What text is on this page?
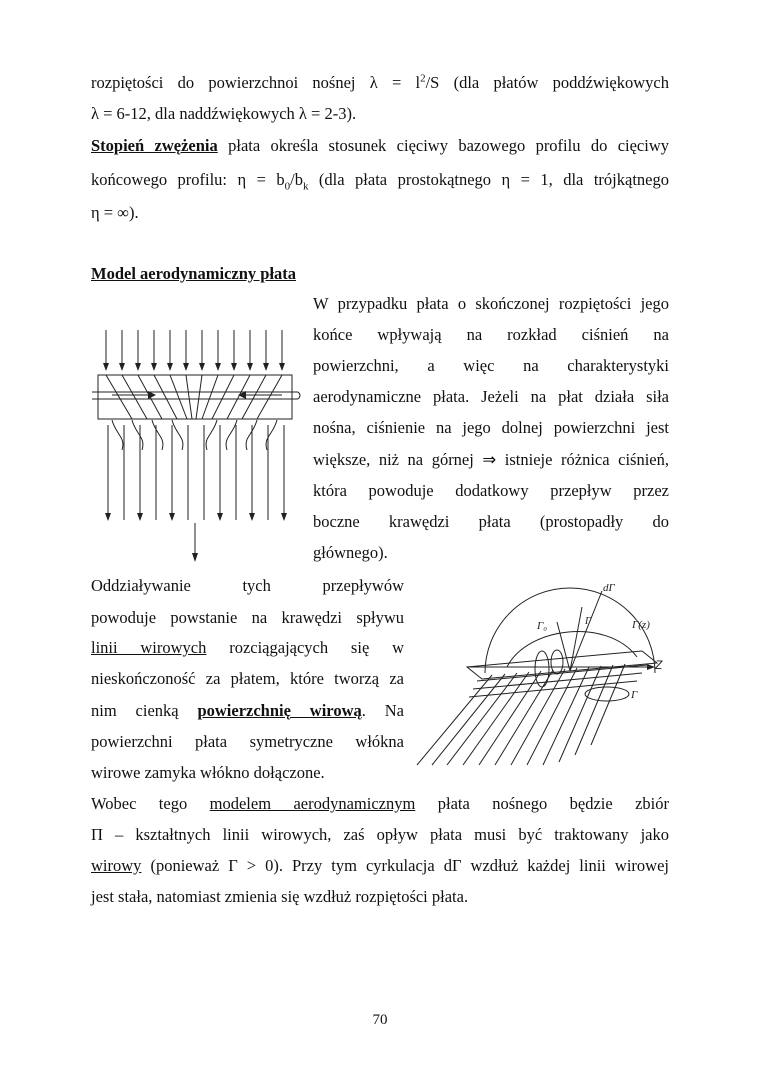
rozpiętości do powierzchnoi nośnej $\lambda = l^2/S$ (dla płatów poddźwiękowych
λ = 6-12, dla naddźwiękowych λ = 2-3).
Stopień zwężenia płata określa stosunek cięciwy bazowego profilu do cięciwy
końcowego profilu: $\eta = b_0/b_k$ (dla płata prostokątnego η = 1, dla trójkątnego
η = ∞).
Model aerodynamiczny płata
W przypadku płata o skończonej rozpiętości jego
końce wpływają na rozkład ciśnień na
powierzchni, a więc na charakterystyki
aerodynamiczne płata. Jeżeli na płat działa siła
nośna, ciśnienie na jego dolnej powierzchni jest
większe, niż na górnej ⇒ istnieje różnica ciśnień,
która powoduje dodatkowy przepływ przez
boczne krawędzi płata (prostopadły do
głównego).
Oddziaływanie tych przepływów
powoduje powstanie na krawędzi spływu
linii wirowych rozciągających się w
nieskończoność za płatem, które tworzą za
nim cienką powierzchnię wirową. Na
powierzchni płata symetryczne włókna
wirowe zamyka włókno dołączone.
dΓ
Γ₀	Γ(z)
Γ
Z
Γ
Wobec tego modelem aerodynamicznym płata nośnego będzie zbiór
Π – kształtnych linii wirowych, zaś opływ płata musi być traktowany jako
wirowy (ponieważ Γ > 0). Przy tym cyrkulacja dΓ wzdłuż każdej linii wirowej
jest stała, natomiast zmienia się wzdłuż rozpiętości płata.
70
